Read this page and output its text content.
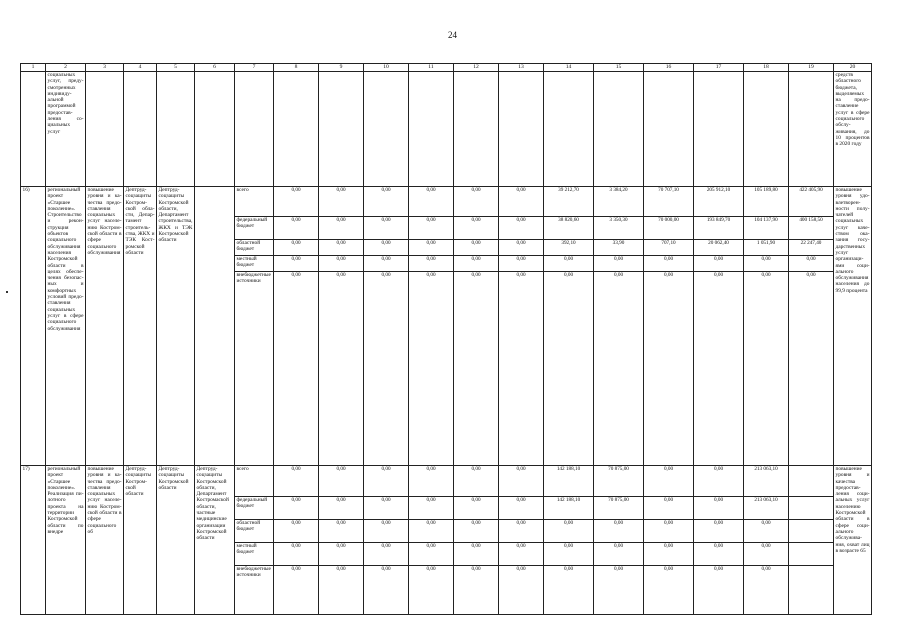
24
1	2	3	4	5	6	7	8	9	10	11	12	13	14	15	16	17	18	19	20
	социальных услуг, предусмотренных индивидуальной программой предоставления социальных услуг																		средств областного бюджета, выделяемых на предоставление услуг в сфере социального обслуживания, до 10 процентов в 2020 году
16)	региональный проект «Старшее поколение». Строительство и реконструкция объектов социального обслуживания населения Костромской области в целях обеспечения безопасных и комфортных условий предоставления социальных услуг в сфере социального обслуживания	повышение уровня и качества предоставления социальных услуг населению Костромской области в сфере социального обслуживания	Дептрудсоцзащиты Костромской области, Департамент строительства, ЖКХ и ТЭК Костромской области	Дептрудсоцзащиты Костромской области, Департамент строительства, ЖКХ и ТЭК Костромской области		всего	0,00	0,00	0,00	0,00	0,00	0,00	39 212,70	3 384,20	70 707,10	205 912,10	105 189,80	422 405,90	повышение уровня удовлетворенности получателей социальных услуг качеством оказания государственных услуг организациями социального обслуживания населения до 99,9 процента
						федеральный бюджет	0,00	0,00	0,00	0,00	0,00	0,00	38 820,60	3 350,30	70 000,00	193 849,70	104 137,90	400 158,50	
						областной бюджет	0,00	0,00	0,00	0,00	0,00	0,00	392,10	33,90	707,10	20 062,40	1 051,90	22 247,40	
						местный бюджет	0,00	0,00	0,00	0,00	0,00	0,00	0,00	0,00	0,00	0,00	0,00	0,00	
						внебюджетные источники	0,00	0,00	0,00	0,00	0,00	0,00	0,00	0,00	0,00	0,00	0,00	0,00	
17)	региональный проект «Старшее поколение». Реализация пилотного проекта на территории Костромской области по внедре	повышение уровня и качества предоставления социальных услуг населению Костромской области в сфере социального об	Дептрудсоцзащиты Костромской области	Дептрудсоцзащиты Костромской области	Дептрудсоцзащиты Костромской области, Департамент Костромаской области, частные медицинские организации Костромской области	всего	0,00	0,00	0,00	0,00	0,00	0,00	142 188,10	70 875,00	0,00	0,00	213 063,10		повышение уровня и качества предоставления социальных услуг населению Костромской области в сфере социального обслуживания, охват лиц в возрасте 65
						федеральный бюджет	0,00	0,00	0,00	0,00	0,00	0,00	142 188,10	70 875,00	0,00	0,00	213 063,10		
						областной бюджет	0,00	0,00	0,00	0,00	0,00	0,00	0,00	0,00	0,00	0,00	0,00		
						местный бюджет	0,00	0,00	0,00	0,00	0,00	0,00	0,00	0,00	0,00	0,00	0,00		
						внебюджетные источники	0,00	0,00	0,00	0,00	0,00	0,00	0,00	0,00	0,00	0,00	0,00		
